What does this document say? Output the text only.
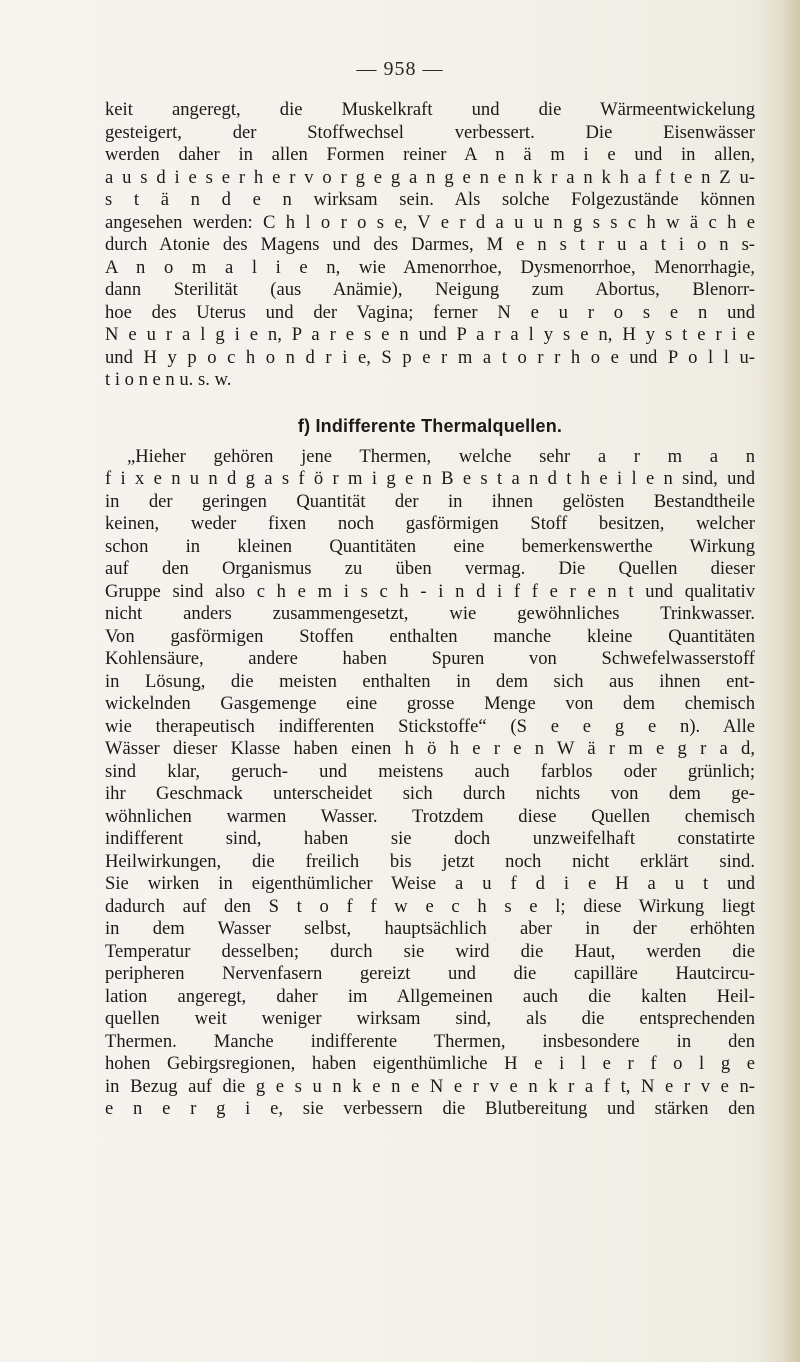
— 958 —
keit angeregt, die Muskelkraft und die Wärmeentwickelung
gesteigert, der Stoffwechsel verbessert. Die Eisenwässer
werden daher in allen Formen reiner A n ä m i e und in allen,
a u s d i e s e r h e r v o r g e g a n g e n e n k r a n k h a f t e n Z u-
s t ä n d e n wirksam sein. Als solche Folgezustände können
angesehen werden: C h l o r o s e, V e r d a u u n g s s c h w ä c h e
durch Atonie des Magens und des Darmes, M e n s t r u a t i o n s-
A n o m a l i e n, wie Amenorrhoe, Dysmenorrhoe, Menorrhagie,
dann Sterilität (aus Anämie), Neigung zum Abortus, Blenorr-
hoe des Uterus und der Vagina; ferner N e u r o s e n und
N e u r a l g i e n, P a r e s e n und P a r a l y s e n, H y s t e r i e
und H y p o c h o n d r i e, S p e r m a t o r r h o e und P o l l u-
t i o n e n u. s. w.
f) Indifferente Thermalquellen.
„Hieher gehören jene Thermen, welche sehr a r m a n
f i x e n u n d g a s f ö r m i g e n B e s t a n d t h e i l e n sind, und
in der geringen Quantität der in ihnen gelösten Bestandtheile
keinen, weder fixen noch gasförmigen Stoff besitzen, welcher
schon in kleinen Quantitäten eine bemerkenswerthe Wirkung
auf den Organismus zu üben vermag. Die Quellen dieser
Gruppe sind also c h e m i s c h - i n d i f f e r e n t und qualitativ
nicht anders zusammengesetzt, wie gewöhnliches Trinkwasser.
Von gasförmigen Stoffen enthalten manche kleine Quantitäten
Kohlensäure, andere haben Spuren von Schwefelwasserstoff
in Lösung, die meisten enthalten in dem sich aus ihnen ent-
wickelnden Gasgemenge eine grosse Menge von dem chemisch
wie therapeutisch indifferenten Stickstoffe“ (S e e g e n). Alle
Wässer dieser Klasse haben einen h ö h e r e n W ä r m e g r a d,
sind klar, geruch- und meistens auch farblos oder grünlich;
ihr Geschmack unterscheidet sich durch nichts von dem ge-
wöhnlichen warmen Wasser. Trotzdem diese Quellen chemisch
indifferent sind, haben sie doch unzweifelhaft constatirte
Heilwirkungen, die freilich bis jetzt noch nicht erklärt sind.
Sie wirken in eigenthümlicher Weise a u f d i e H a u t und
dadurch auf den S t o f f w e c h s e l; diese Wirkung liegt
in dem Wasser selbst, hauptsächlich aber in der erhöhten
Temperatur desselben; durch sie wird die Haut, werden die
peripheren Nervenfasern gereizt und die capilläre Hautcircu-
lation angeregt, daher im Allgemeinen auch die kalten Heil-
quellen weit weniger wirksam sind, als die entsprechenden
Thermen. Manche indifferente Thermen, insbesondere in den
hohen Gebirgsregionen, haben eigenthümliche H e i l e r f o l g e
in Bezug auf die g e s u n k e n e N e r v e n k r a f t, N e r v e n-
e n e r g i e, sie verbessern die Blutbereitung und stärken den
